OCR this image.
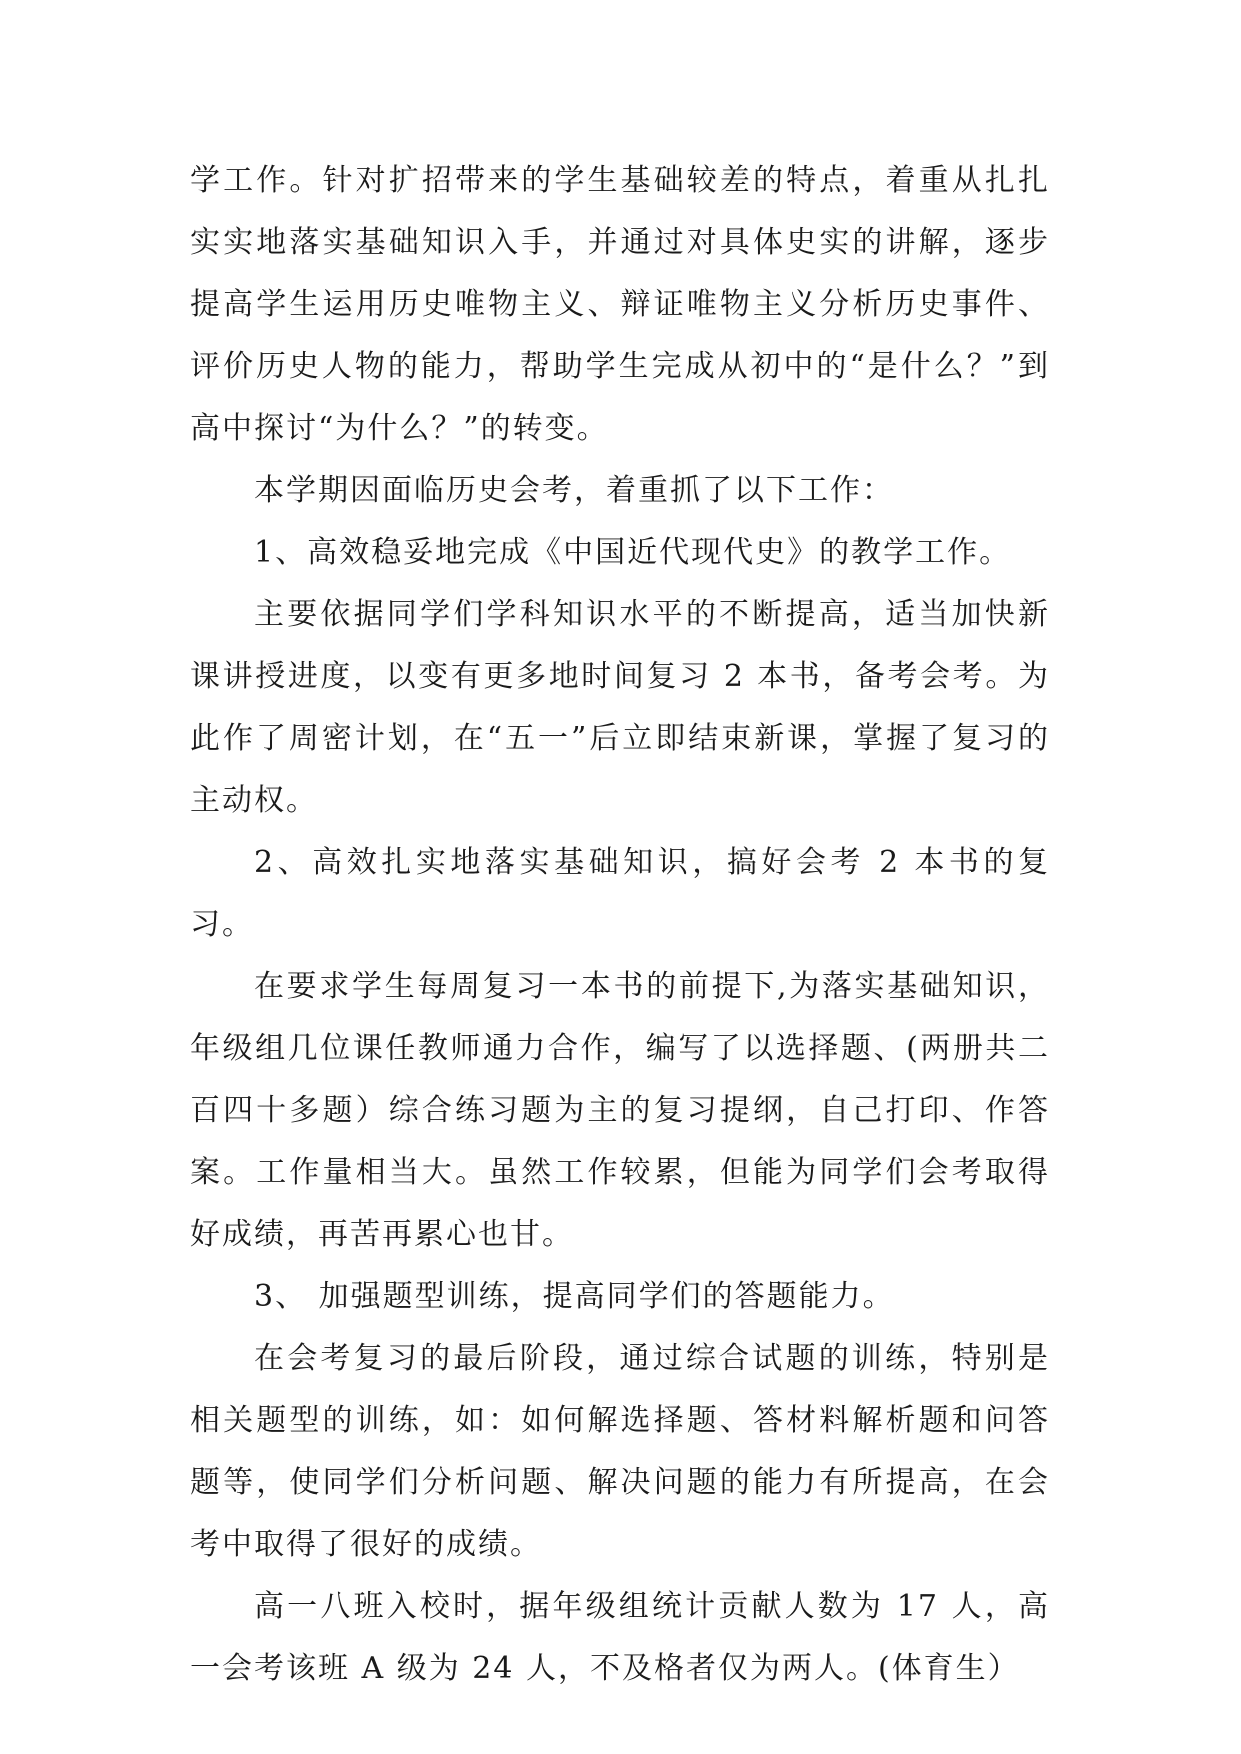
学工作。针对扩招带来的学生基础较差的特点，着重从扎扎实实地落实基础知识入手，并通过对具体史实的讲解，逐步提高学生运用历史唯物主义、辩证唯物主义分析历史事件、评价历史人物的能力，帮助学生完成从初中的“是什么？”到高中探讨“为什么？”的转变。

本学期因面临历史会考，着重抓了以下工作：

1、高效稳妥地完成《中国近代现代史》的教学工作。

主要依据同学们学科知识水平的不断提高，适当加快新课讲授进度，以变有更多地时间复习 2 本书，备考会考。为此作了周密计划，在“五一”后立即结束新课，掌握了复习的主动权。

2、高效扎实地落实基础知识，搞好会考 2 本书的复习。

在要求学生每周复习一本书的前提下,为落实基础知识，年级组几位课任教师通力合作，编写了以选择题、(两册共二百四十多题）综合练习题为主的复习提纲，自己打印、作答案。工作量相当大。虽然工作较累，但能为同学们会考取得好成绩，再苦再累心也甘。

3、 加强题型训练，提高同学们的答题能力。

在会考复习的最后阶段，通过综合试题的训练，特别是相关题型的训练，如：如何解选择题、答材料解析题和问答题等，使同学们分析问题、解决问题的能力有所提高，在会考中取得了很好的成绩。

高一八班入校时，据年级组统计贡献人数为 17 人，高一会考该班 A 级为 24 人，不及格者仅为两人。(体育生）
